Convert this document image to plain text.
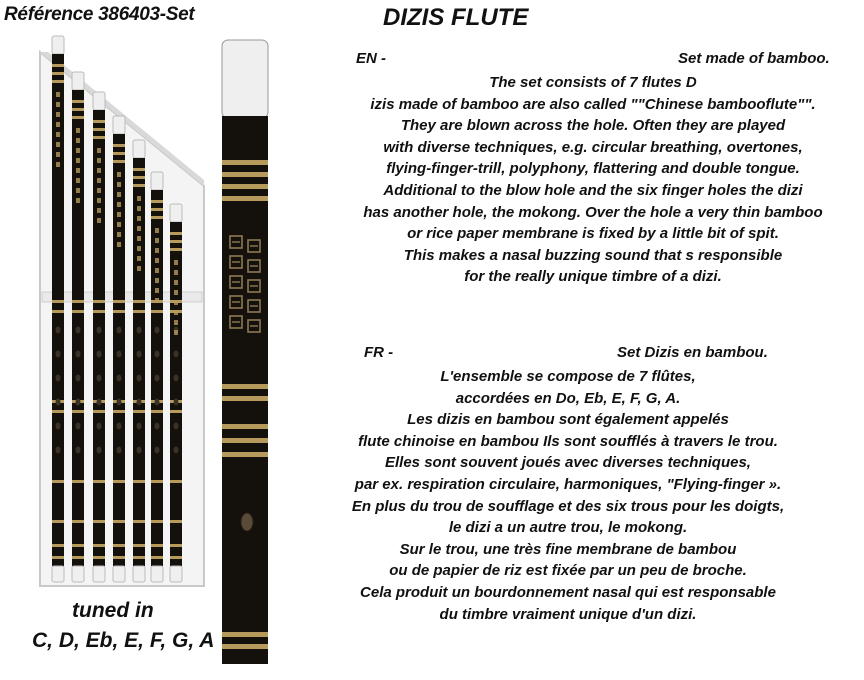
Référence 386403-Set	DIZIS FLUTE
EN -	Set made of bamboo.
The set consists of 7 flutes D
izis made of bamboo are also called ""Chinese bambooflute"".
They are blown across the hole. Often they are played
with diverse techniques, e.g. circular breathing, overtones,
flying-finger-trill, polyphony, flattering and double tongue.
Additional to the blow hole and the six finger holes the dizi
has another hole, the mokong. Over the hole a very thin bamboo
or rice paper membrane is fixed by a little bit of spit.
This makes a nasal buzzing sound that s responsible
for the really unique timbre of a dizi.
FR -	Set Dizis en bambou.
L'ensemble se compose de 7 flûtes,
accordées en Do, Eb, E, F, G, A.
Les dizis en bambou sont également appelés
flute chinoise en bambou Ils sont soufflés à travers le trou.
Elles sont souvent joués avec diverses techniques,
par ex. respiration circulaire, harmoniques, "Flying-finger ».
En plus du trou de soufflage et des six trous pour les doigts,
le dizi a un autre trou, le mokong.
Sur le trou, une très fine membrane de bambou
ou de papier de riz est fixée par un peu de broche.
Cela produit un bourdonnement nasal qui est responsable
du timbre vraiment unique d'un dizi.
tuned in
C, D, Eb, E, F, G, A
